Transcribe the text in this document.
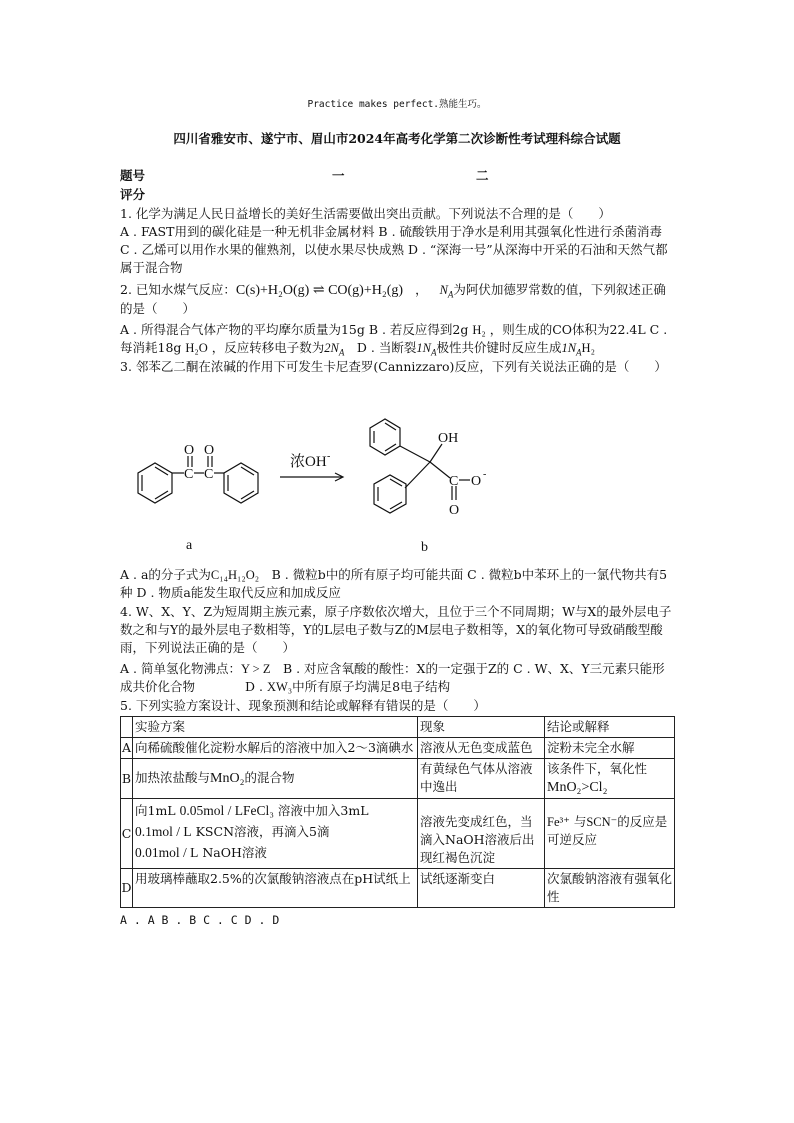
Practice makes perfect.熟能生巧。
四川省雅安市、遂宁市、眉山市2024年高考化学第二次诊断性考试理科综合试题
题号	一	二
评分

1. 化学为满足人民日益增长的美好生活需要做出突出贡献。下列说法不合理的是（　　）

A . FAST用到的碳化硅是一种无机非金属材料 B . 硫酸铁用于净水是利用其强氧化性进行杀菌消毒 C . 乙烯可以用作水果的催熟剂，以使水果尽快成熟 D . “深海一号”从深海中开采的石油和天然气都属于混合物

2. 已知水煤气反应：C(s)+H₂O(g) ⇌ CO(g)+H₂(g) ， $N_A$为阿伏加德罗常数的值，下列叙述正确的是（　　）

A . 所得混合气体产物的平均摩尔质量为15g B . 若反应得到2g H₂ ，则生成的CO体积为22.4L C . 每消耗18g H₂O ，反应转移电子数为$2N_A$　D . 当断裂$1N_A$极性共价键时反应生成$1N_AH_2$

3. 邻苯乙二酮在浓碱的作用下可发生卡尼查罗(Cannizzaro)反应，下列有关说法正确的是（　　）

C C
O O
OH
C O -
O
浓OH -
a	b

A . a的分子式为C₁₄H₁₂O₂　B . 微粒b中的所有原子均可能共面 C . 微粒b中苯环上的一氯代物共有5种 D . 物质a能发生取代反应和加成反应

4. W、X、Y、Z为短周期主族元素，原子序数依次增大，且位于三个不同周期；W与X的最外层电子数之和与Y的最外层电子数相等，Y的L层电子数与Z的M层电子数相等，X的氧化物可导致硝酸型酸雨，下列说法正确的是（　　）

A . 简单氢化物沸点：Y > Z　B . 对应含氧酸的酸性：X的一定强于Z的 C . W、X、Y三元素只能形成共价化合物　　　　D . XW₃中所有原子均满足8电子结构

5. 下列实验方案设计、现象预测和结论或解释有错误的是（　　）

	实验方案	现象	结论或解释
A	向稀硫酸催化淀粉水解后的溶液中加入2～3滴碘水	溶液从无色变成蓝色	淀粉未完全水解
B	加热浓盐酸与MnO₂的混合物	有黄绿色气体从溶液中逸出	该条件下，氧化性
MnO₂>Cl₂
C	向1mL 0.05mol / LFeCl₃ 溶液中加入3mL
0.1mol / L KSCN溶液，再滴入5滴
0.01mol / L NaOH溶液	溶液先变成红色，当滴入NaOH溶液后出现红褐色沉淀	Fe³⁺ 与SCN⁻的反应是可逆反应
D	用玻璃棒蘸取2.5%的次氯酸钠溶液点在pH试纸上	试纸逐渐变白	次氯酸钠溶液有强氧化性

A . A B . B C . C D . D
